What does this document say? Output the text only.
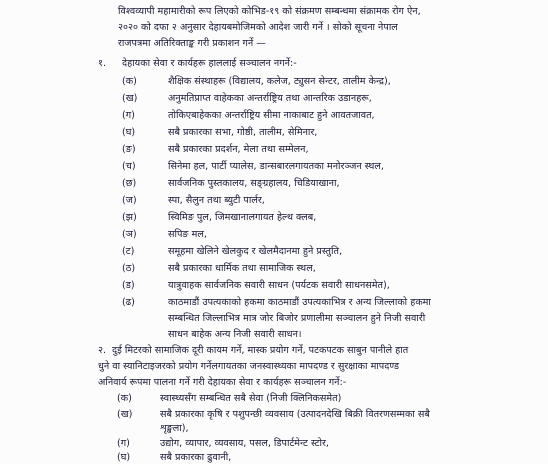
विश्वव्यापी महामारीको रूप लिएको कोभिड-१९ को संक्रमण सम्बन्धमा संक्रामक रोग ऐन,
२०२० को दफा २ अनुसार देहायबमोजिमको आदेश जारी गर्ने । सोको सूचना नेपाल
राजपत्रमा अतिरिक्ताङ्क गरी प्रकाशन गर्ने —
१. देहायका सेवा र कार्यहरू हाललाई सञ्चालन नगर्ने:-
(क)	शैक्षिक संस्थाहरू (विद्यालय, कलेज, ट्युसन सेन्टर, तालीम केन्द्र),
(ख)	अनुमतिप्राप्त वाहेकका अन्तर्राष्ट्रिय तथा आन्तरिक उडानहरू,
(ग)	तोकिएबाहेकका अन्तर्राष्ट्रिय सीमा नाकाबाट हुने आवतजावत,
(घ)	सबै प्रकारका सभा, गोष्ठी, तालीम, सेमिनार,
(ङ)	सबै प्रकारका प्रदर्शन, मेला तथा सम्मेलन,
(च)	सिनेमा हल, पार्टी प्यालेस, डान्सबारलगायतका मनोरञ्जन स्थल,
(छ)	सार्वजनिक पुस्तकालय, सङ्ग्रहालय, चिडियाखाना,
(ज)	स्पा, सैलुन तथा ब्युटी पार्लर,
(झ)	स्विमिङ पुल, जिमखानालगायत हेल्थ क्लब,
(ञ)	सपिङ मल,
(ट)	समूहमा खेलिने खेलकुद र खेलमैदानमा हुने प्रस्तुति,
(ठ)	सबै प्रकारका धार्मिक तथा सामाजिक स्थल,
(ड)	यात्रुवाहक सार्वजनिक सवारी साधन (पर्यटक सवारी साधनसमेत),
(ढ)	काठमाडौं उपत्यकाको हकमा काठमाडौं उपत्यकाभित्र र अन्य जिल्लाको हकमा
सम्बन्धित जिल्लाभित्र मात्र जोर बिजोर प्रणालीमा सञ्चालन हुने निजी सवारी
साधन बाहेक अन्य निजी सवारी साधन।
२. दुई मिटरको सामाजिक दूरी कायम गर्ने, मास्क प्रयोग गर्ने, पटकपटक साबुन पानीले हात
धुने वा स्यानिटाइजरको प्रयोग गर्नेलगायतका जनस्वास्थ्यका मापदण्ड र सुरक्षाका मापदण्ड
अनिवार्य रूपमा पालना गर्ने गरी देहायका सेवा र कार्यहरू सञ्चालन गर्ने:-
(क)	स्वास्थ्यसँग सम्बन्धित सबै सेवा (निजी क्लिनिकसमेत)
(ख)	सबै प्रकारका कृषि र पशुपन्छी व्यवसाय (उत्पादनदेखि बिक्री वितरणसम्मका सबै
शृङ्खला),
(ग)	उद्योग, व्यापार, व्यवसाय, पसल, डिपार्टमेन्ट स्टोर,
(घ)	सबै प्रकारका ढुवानी,
